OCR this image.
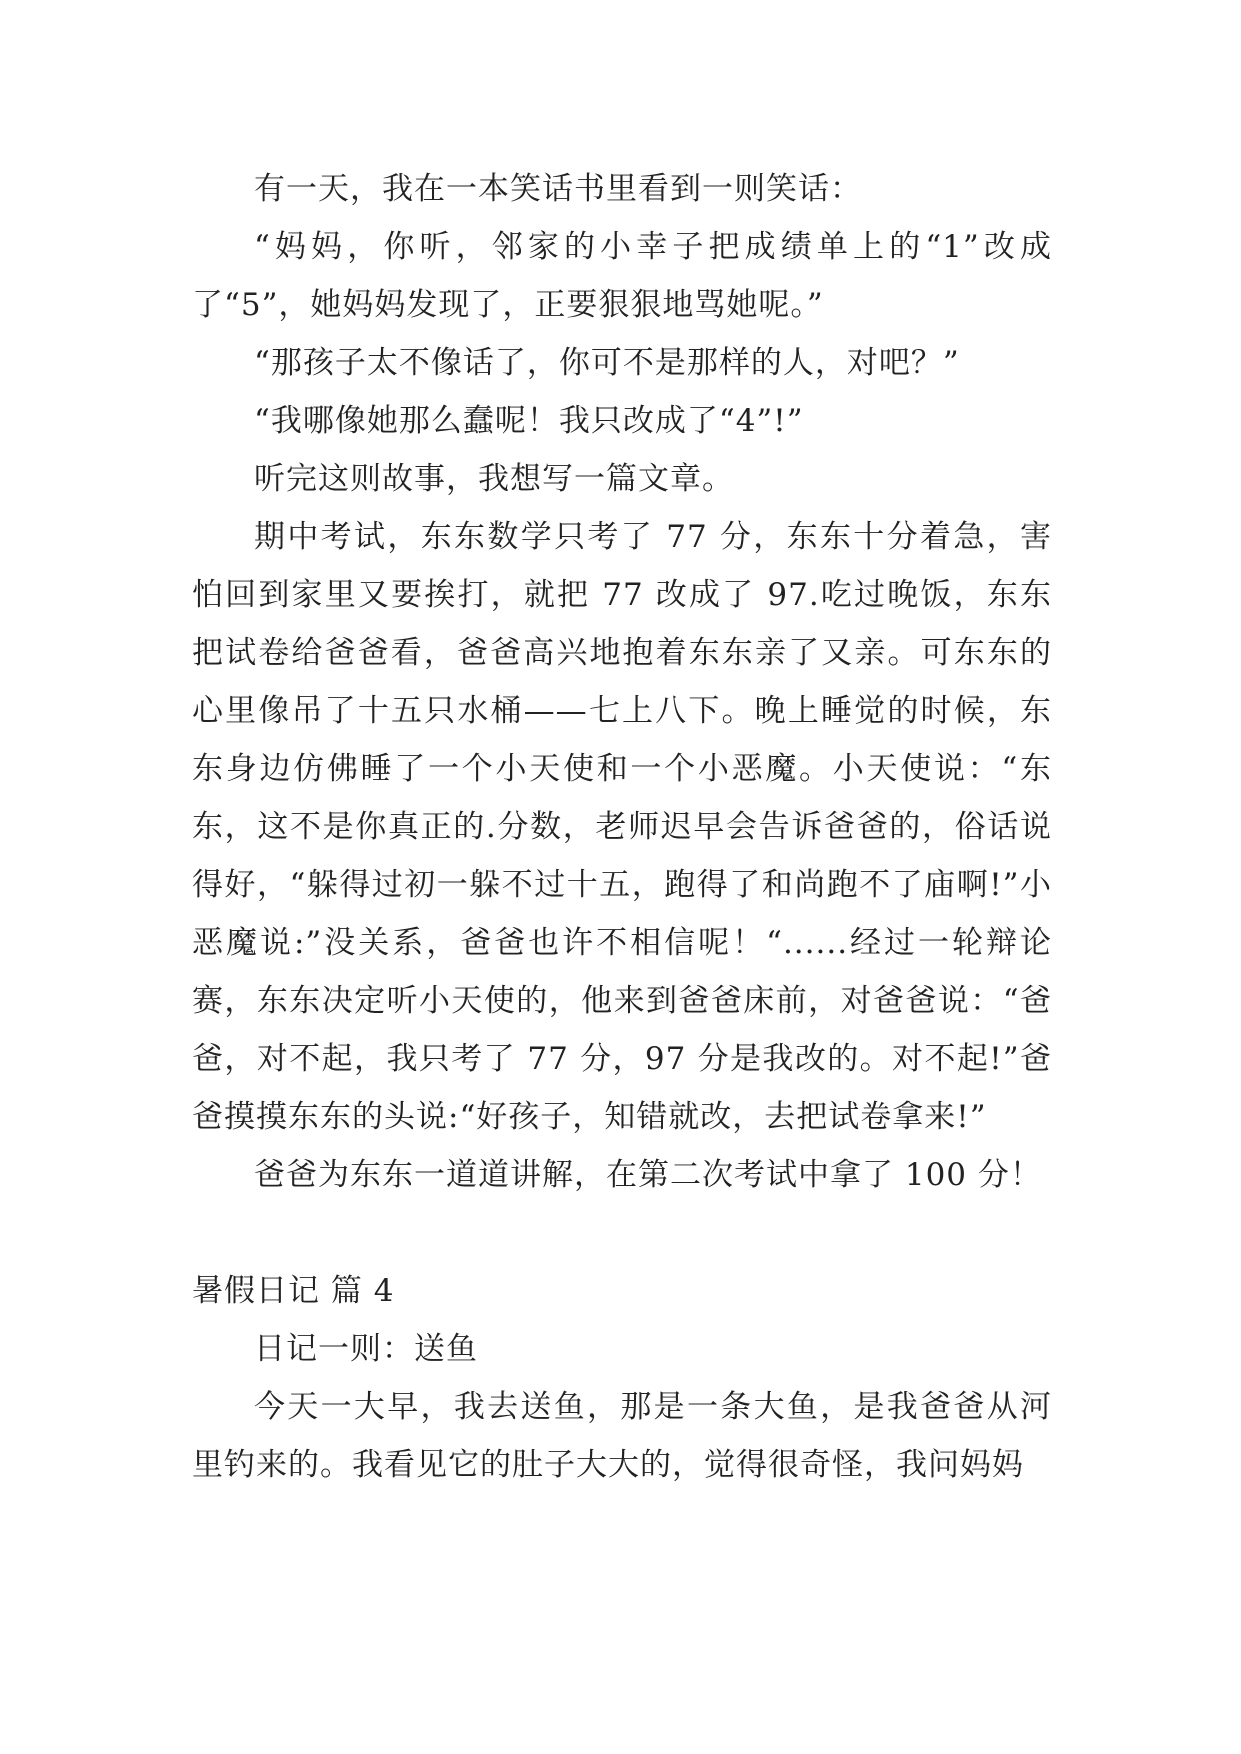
有一天，我在一本笑话书里看到一则笑话：

“妈妈，你听，邻家的小幸子把成绩单上的“1”改成了“5”，她妈妈发现了，正要狠狠地骂她呢。”

“那孩子太不像话了，你可不是那样的人，对吧？”

“我哪像她那么蠢呢！我只改成了“4”!”

听完这则故事，我想写一篇文章。

期中考试，东东数学只考了 77 分，东东十分着急，害怕回到家里又要挨打，就把 77 改成了 97.吃过晚饭，东东把试卷给爸爸看，爸爸高兴地抱着东东亲了又亲。可东东的心里像吊了十五只水桶——七上八下。晚上睡觉的时候，东东身边仿佛睡了一个小天使和一个小恶魔。小天使说：“东东，这不是你真正的.分数，老师迟早会告诉爸爸的，俗话说得好，“躲得过初一躲不过十五，跑得了和尚跑不了庙啊!”小恶魔说:”没关系，爸爸也许不相信呢！“......经过一轮辩论赛，东东决定听小天使的，他来到爸爸床前，对爸爸说：“爸爸，对不起，我只考了 77 分，97 分是我改的。对不起!”爸爸摸摸东东的头说:“好孩子，知错就改，去把试卷拿来!”

爸爸为东东一道道讲解，在第二次考试中拿了 100 分！

暑假日记 篇 4

日记一则：送鱼

今天一大早，我去送鱼，那是一条大鱼，是我爸爸从河里钓来的。我看见它的肚子大大的，觉得很奇怪，我问妈妈
